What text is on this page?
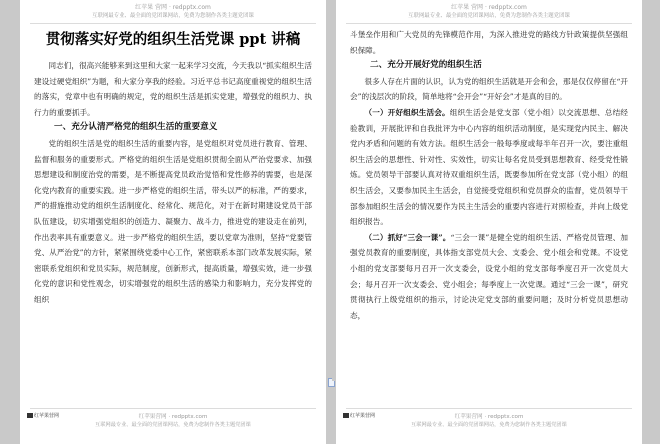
红苹果 营网 · redpptx.com
互联网最专业、最全面的党团课网站，免费为您制作各类主题党团课
贯彻落实好党的组织生活党课 ppt 讲稿

同志们，很高兴能够来到这里和大家一起来学习交流，今天我以“抓实组织生活 建设过硬党组织”为题，和大家分享我的经验。习近平总书记高度重视党的组织生活的落实，党章中也有明确的规定，党的组织生活是抓实党建，增强党的组织力、执行力的重要抓手。

一、充分认清严格党的组织生活的重要意义

党的组织生活是党的组织生活的重要内容，是党组织对党员进行教育、管理、监督和服务的重要形式。严格党的组织生活是党组织贯彻全面从严治党要求、加强思想建设和制度治党的需要，是不断提高党员政治觉悟和党性修养的需要，也是深化党内教育的重要实践。进一步严格党的组织生活，带头以严的标准，严的要求，严的措施推动党的组织生活制度化、经常化、规范化，对于在新时期建设党员干部队伍建设，切实增强党组织的创造力、凝聚力、战斗力，推进党的建设走在前列，作出表率具有重要意义。进一步严格党的组织生活，要以党章为准则，坚持“党要管党、从严治党”的方针，紧紧围绕党委中心工作，紧密联系本部门改革发展实际，紧密联系党组织和党员实际，规范制度，创新形式，提高质量，增强实效，进一步强化党的意识和党性观念，切实增强党的组织生活的感染力和影响力，充分发挥党的组织

红苹果营网	红苹果营网 · redpptx.com
互联网最专业、最全面的党团课网站，免费为您制作各类主题党团课
红苹果 营网 · redpptx.com
互联网最专业、最全面的党团课网站，免费为您制作各类主题党团课

斗堡垒作用和广大党员的先锋模范作用，为深入推进党的路线方针政策提供坚强组织保障。

二、充分开展好党的组织生活

很多人存在片面的认识，认为党的组织生活就是开会和会，那是仅仅停留在“开会”的浅层次的阶段，简单地将“会开会”“开好会”才是真的目的。

（一）开好组织生活会。组织生活会是党支部（党小组）以交流思想、总结经验教训，开展批评和自我批评为中心内容的组织活动制度，是实现党内民主、解决党内矛盾和问题的有效方法。组织生活会一般每季度或每半年召开一次，要注重组织生活会的思想性、针对性、实效性，切实让每名党员受到思想教育、经受党性锻炼。党员领导干部要认真对待双重组织生活，既要参加所在党支部（党小组）的组织生活会，又要参加民主生活会，自觉接受党组织和党员群众的监督，党员领导干部参加组织生活会的情况要作为民主生活会的重要内容进行对照检查，并向上级党组织报告。

（二）抓好“三会一课”。“三会一课”是健全党的组织生活、严格党员管理、加强党员教育的重要制度，具体指支部党员大会、支委会、党小组会和党课。不设党小组的党支部要每月召开一次支委会，设党小组的党支部每季度召开一次党员大会；每月召开一次支委会、党小组会；每季度上一次党课。通过“三会一课”，研究贯彻执行上级党组织的指示，讨论决定党支部的重要问题；及时分析党员思想动态，

红苹果营网	红苹果营网 · redpptx.com
互联网最专业、最全面的党团课网站，免费为您制作各类主题党团课
